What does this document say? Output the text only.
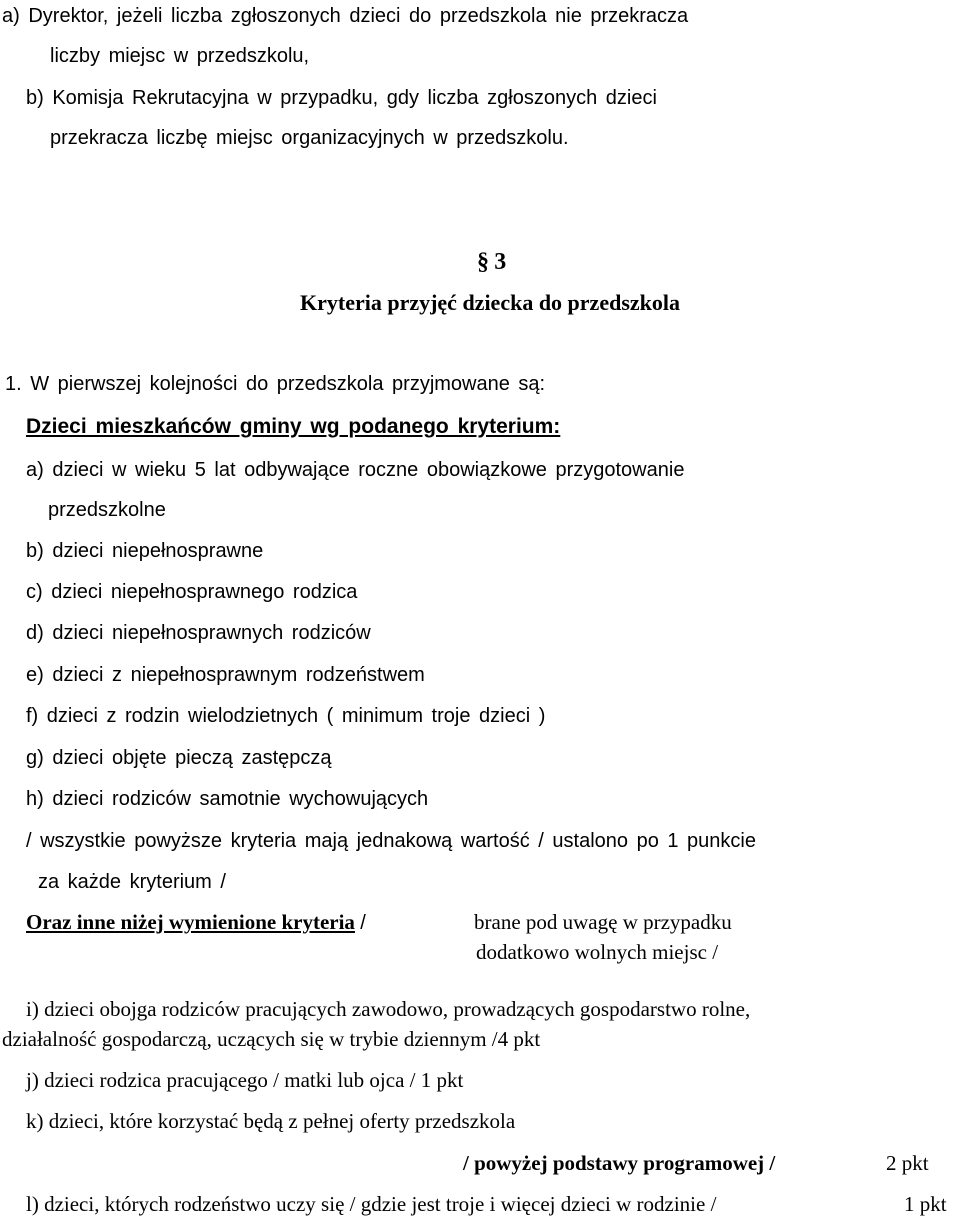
a) Dyrektor, jeżeli liczba zgłoszonych dzieci do przedszkola nie przekracza
liczby miejsc w przedszkolu,
b) Komisja Rekrutacyjna w przypadku, gdy liczba zgłoszonych dzieci
przekracza liczbę miejsc organizacyjnych w przedszkolu.
§ 3
Kryteria przyjęć dziecka do przedszkola
1. W pierwszej kolejności do przedszkola przyjmowane są:
Dzieci mieszkańców gminy wg podanego kryterium:
a) dzieci w wieku 5 lat odbywające roczne obowiązkowe przygotowanie
przedszkolne
b) dzieci niepełnosprawne
c) dzieci niepełnosprawnego rodzica
d) dzieci niepełnosprawnych rodziców
e) dzieci z niepełnosprawnym rodzeństwem
f) dzieci z rodzin wielodzietnych ( minimum troje dzieci )
g) dzieci objęte pieczą zastępczą
h) dzieci rodziców samotnie wychowujących
/ wszystkie powyższe kryteria mają jednakową wartość / ustalono po 1 punkcie
za każde kryterium /
Oraz inne niżej wymienione kryteria /	brane pod uwagę w przypadku
dodatkowo wolnych miejsc /
i) dzieci obojga rodziców pracujących zawodowo, prowadzących gospodarstwo rolne,
działalność gospodarczą, uczących się w trybie dziennym /4 pkt
j) dzieci rodzica pracującego / matki lub ojca / 1 pkt
k) dzieci, które korzystać będą z pełnej oferty przedszkola
/ powyżej podstawy programowej /	2 pkt
l) dzieci, których rodzeństwo uczy się / gdzie jest troje i więcej dzieci w rodzinie /	1 pkt
